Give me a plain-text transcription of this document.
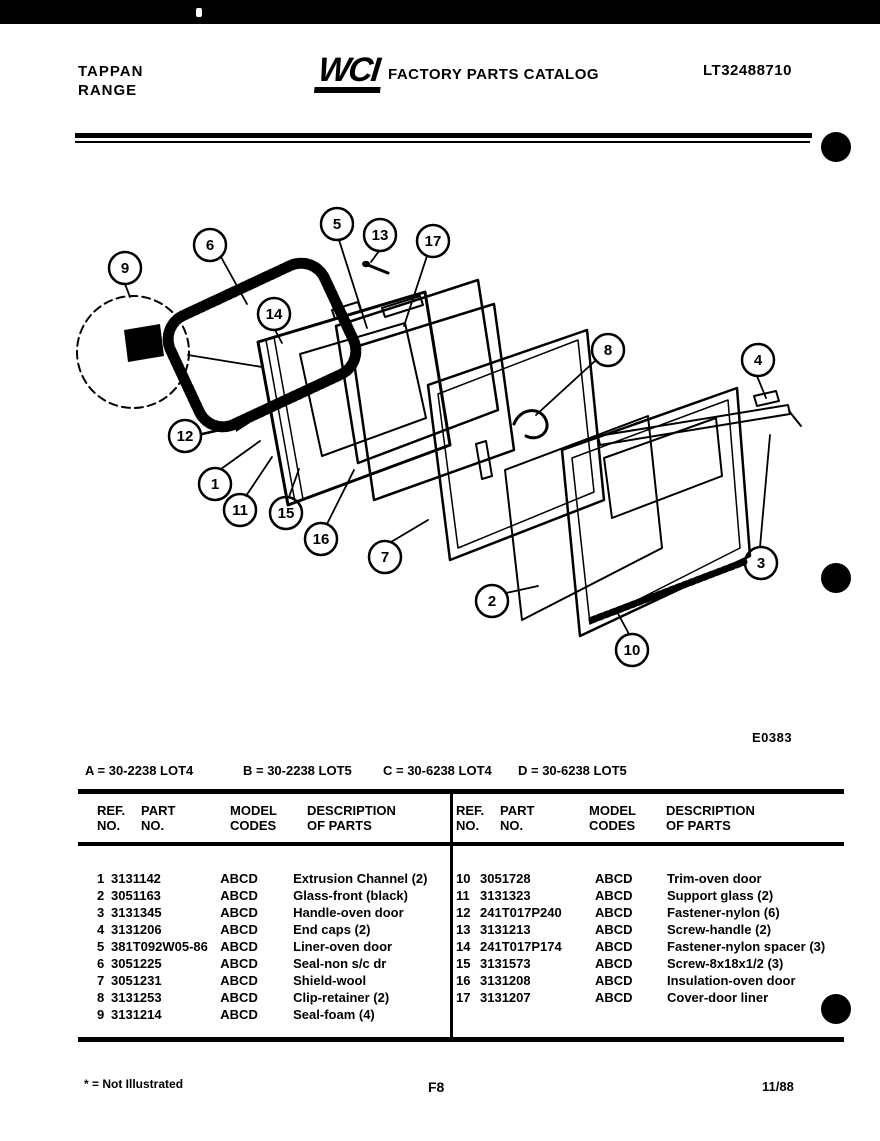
TAPPAN
RANGE
WCI FACTORY PARTS CATALOG	LT32488710
9
6
5
13 17
14
12
1
11 15
16
8
7
2
10
4
3
E0383
A = 30-2238 LOT4	B = 30-2238 LOT5 C = 30-6238 LOT4 D = 30-6238 LOT5
REF.
NO.
PART
NO.
MODEL
CODES
DESCRIPTION
OF PARTS
1 3131142	ABCD	Extrusion Channel (2)
2 3051163	ABCD	Glass-front (black)
3 3131345	ABCD	Handle-oven door
4 3131206	ABCD	End caps (2)
5 381T092W05-86 ABCD	Liner-oven door
6 3051225	ABCD	Seal-non s/c dr
7 3051231	ABCD	Shield-wool
8 3131253	ABCD	Clip-retainer (2)
9 3131214	ABCD	Seal-foam (4)
REF.
NO.
PART
NO.
MODEL
CODES
DESCRIPTION
OF PARTS
10 3051728	ABCD	Trim-oven door
11 3131323	ABCD	Support glass (2)
12 241T017P240	ABCD	Fastener-nylon (6)
13 3131213	ABCD	Screw-handle (2)
14 241T017P174	ABCD	Fastener-nylon spacer (3)
15 3131573	ABCD	Screw-8x18x1/2 (3)
16 3131208	ABCD	Insulation-oven door
17 3131207	ABCD	Cover-door liner
* = Not Illustrated	F8	11/88
